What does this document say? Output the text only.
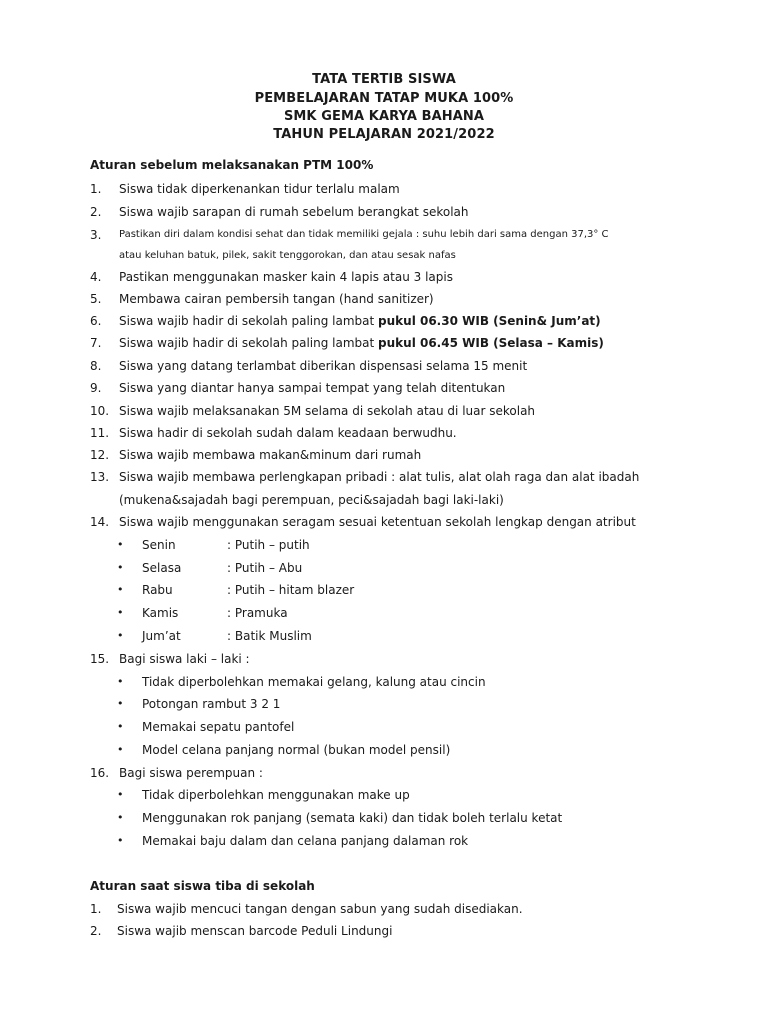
TATA TERTIB SISWA
PEMBELAJARAN TATAP MUKA 100%
SMK GEMA KARYA BAHANA
TAHUN PELAJARAN 2021/2022
Aturan sebelum melaksanakan PTM 100%
1.	Siswa tidak diperkenankan tidur terlalu malam
2.	Siswa wajib sarapan di rumah sebelum berangkat sekolah
3.	Pastikan diri dalam kondisi sehat dan tidak memiliki gejala : suhu lebih dari sama dengan 37,3° C
atau keluhan batuk, pilek, sakit tenggorokan, dan atau sesak nafas
4.	Pastikan menggunakan masker kain 4 lapis atau 3 lapis
5.	Membawa cairan pembersih tangan (hand sanitizer)
6.	Siswa wajib hadir di sekolah paling lambat pukul 06.30 WIB (Senin& Jum’at)
7.	Siswa wajib hadir di sekolah paling lambat pukul 06.45 WIB (Selasa – Kamis)
8.	Siswa yang datang terlambat diberikan dispensasi selama 15 menit
9.	Siswa yang diantar hanya sampai tempat yang telah ditentukan
10. Siswa wajib melaksanakan 5M selama di sekolah atau di luar sekolah
11. Siswa hadir di sekolah sudah dalam keadaan berwudhu.
12. Siswa wajib membawa makan&minum dari rumah
13. Siswa wajib membawa perlengkapan pribadi : alat tulis, alat olah raga dan alat ibadah
(mukena&sajadah bagi perempuan, peci&sajadah bagi laki-laki)
14. Siswa wajib menggunakan seragam sesuai ketentuan sekolah lengkap dengan atribut
• Senin	: Putih – putih
• Selasa	: Putih – Abu
• Rabu	: Putih – hitam blazer
• Kamis	: Pramuka
• Jum’at	: Batik Muslim
15. Bagi siswa laki – laki :
• Tidak diperbolehkan memakai gelang, kalung atau cincin
• Potongan rambut 3 2 1
• Memakai sepatu pantofel
• Model celana panjang normal (bukan model pensil)
16. Bagi siswa perempuan :
• Tidak diperbolehkan menggunakan make up
• Menggunakan rok panjang (semata kaki) dan tidak boleh terlalu ketat
• Memakai baju dalam dan celana panjang dalaman rok
Aturan saat siswa tiba di sekolah
1.	Siswa wajib mencuci tangan dengan sabun yang sudah disediakan.
2.	Siswa wajib menscan barcode Peduli Lindungi
